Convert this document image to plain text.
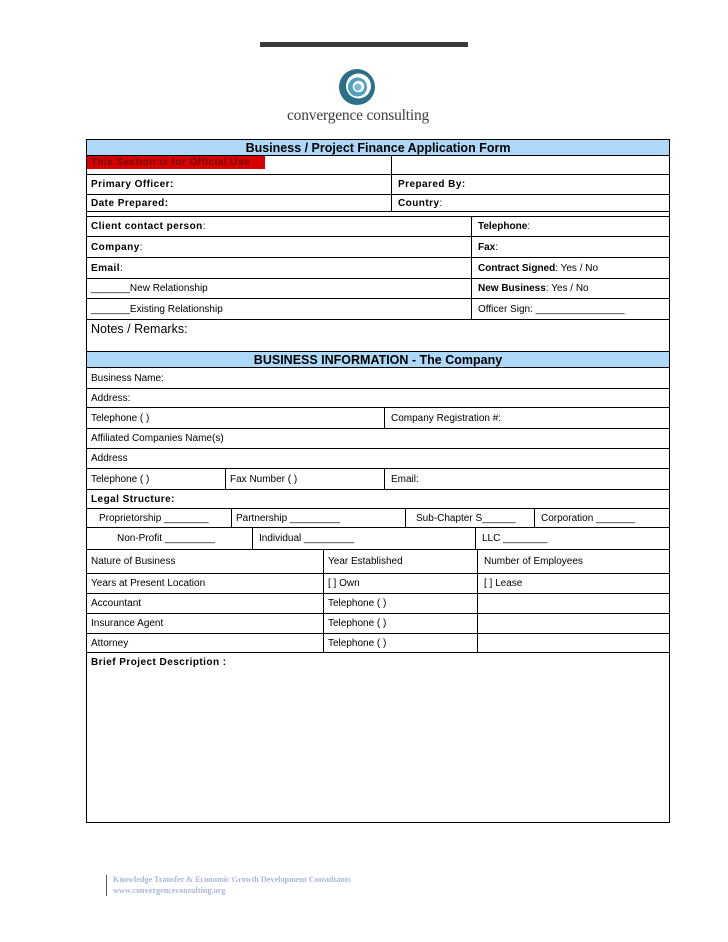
convergence consulting
Business / Project Finance Application Form
This Section is for Official Use
Primary Officer:	Prepared By:
Date Prepared:	Country :
Client contact person :	Telephone :
Company :	Fax :
Email :	Contract Signed : Yes / No
_______New Relationship	New Business : Yes / No
_______Existing Relationship	Officer Sign: ________________
Notes / Remarks:
BUSINESS INFORMATION - The Company
Business Name:
Address:
Telephone ( )	Company Registration #:
Affiliated Companies Name(s)
Address
Telephone ( )	Fax Number ( )	Email:
Legal Structure:
Proprietorship ________	Partnership _________	Sub-Chapter S______	Corporation _______
Non-Profit _________	Individual _________	LLC ________
Nature of Business	Year Established	Number of Employees
Years at Present Location	[ ] Own	[ ] Lease
Accountant	Telephone ( )
Insurance Agent	Telephone ( )
Attorney	Telephone ( )
Brief Project Description :
Knowledge Transfer & Economic Growth Development Consultants
www.convergenceconsulting.org
